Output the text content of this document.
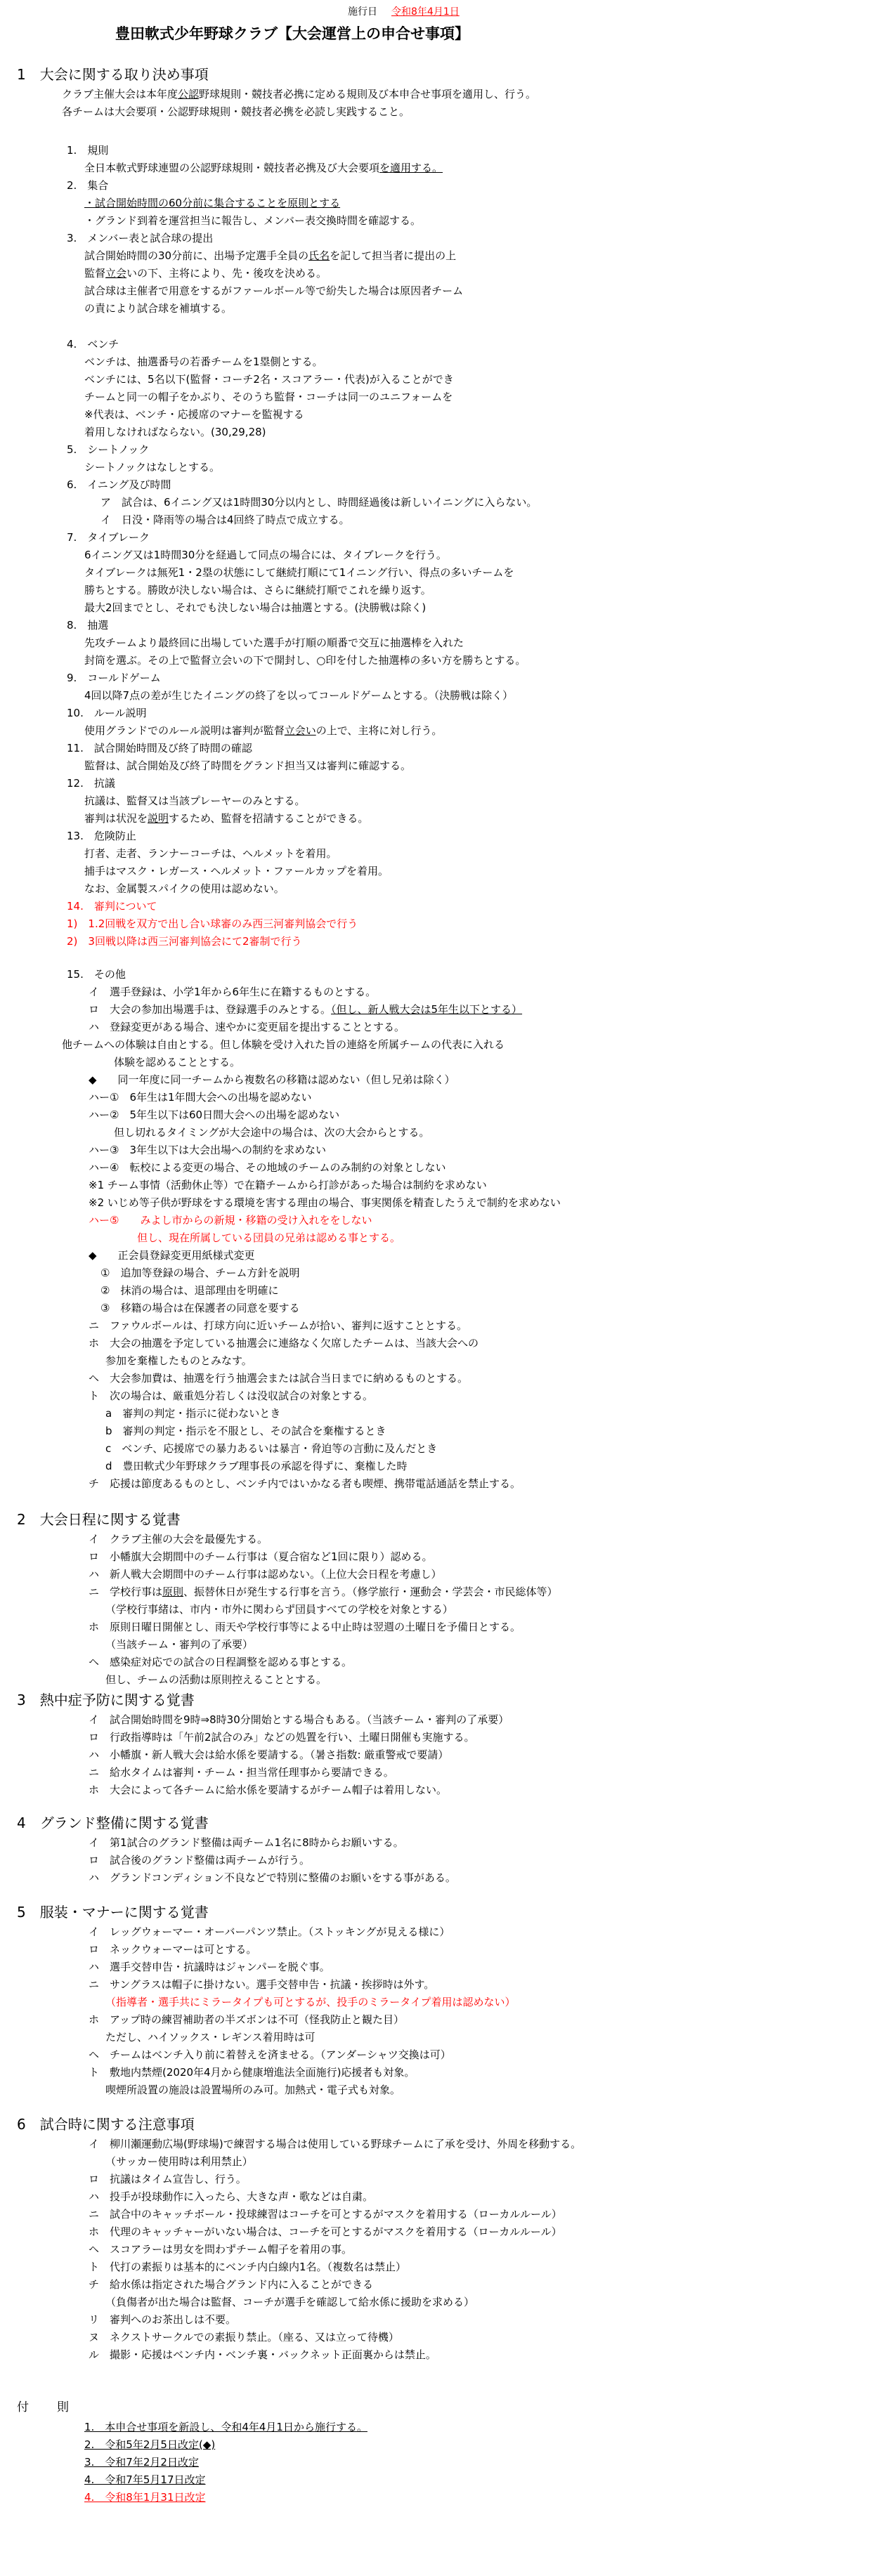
施行日 令和8年4月1日
豊田軟式少年野球クラブ【大会運営上の申合せ事項】
1　大会に関する取り決め事項
クラブ主催大会は本年度公認野球規則・競技者必携に定める規則及び本申合せ事項を適用し、行う。
各チームは大会要項・公認野球規則・競技者必携を必読し実践すること。
1.　規則
全日本軟式野球連盟の公認野球規則・競技者必携及び大会要項を適用する。
2.　集合
・試合開始時間の60分前に集合することを原則とする
・グランド到着を運営担当に報告し、メンバー表交換時間を確認する。
3.　メンバー表と試合球の提出
試合開始時間の30分前に、出場予定選手全員の氏名を記して担当者に提出の上
監督立会いの下、主将により、先・後攻を決める。
試合球は主催者で用意をするがファールボール等で紛失した場合は原因者チーム
の責により試合球を補填する。
4.　ベンチ
ベンチは、抽選番号の若番チームを1塁側とする。
ベンチには、5名以下(監督・コーチ2名・スコアラー・代表)が入ることができ
チームと同一の帽子をかぶり、そのうち監督・コーチは同一のユニフォームを
※代表は、ベンチ・応援席のマナーを監視する
着用しなければならない。(30,29,28)
5.　シートノック
シートノックはなしとする。
6.　イニング及び時間
ア　試合は、6イニング又は1時間30分以内とし、時間経過後は新しいイニングに入らない。
イ　日没・降雨等の場合は4回終了時点で成立する。
7.　タイブレーク
6イニング又は1時間30分を経過して同点の場合には、タイブレークを行う。
タイブレークは無死1・2塁の状態にして継続打順にて1イニング行い、得点の多いチームを
勝ちとする。勝敗が決しない場合は、さらに継続打順でこれを繰り返す。
最大2回までとし、それでも決しない場合は抽選とする。(決勝戦は除く)
8.　抽選
先攻チームより最終回に出場していた選手が打順の順番で交互に抽選棒を入れた
封筒を選ぶ。その上で監督立会いの下で開封し、○印を付した抽選棒の多い方を勝ちとする。
9.　コールドゲーム
4回以降7点の差が生じたイニングの終了を以ってコールドゲームとする。（決勝戦は除く）
10.　ルール説明
使用グランドでのルール説明は審判が監督立会いの上で、主将に対し行う。
11.　試合開始時間及び終了時間の確認
監督は、試合開始及び終了時間をグランド担当又は審判に確認する。
12.　抗議
抗議は、監督又は当該プレーヤーのみとする。
審判は状況を説明するため、監督を招請することができる。
13.　危険防止
打者、走者、ランナーコーチは、ヘルメットを着用。
捕手はマスク・レガース・ヘルメット・ファールカップを着用。
なお、金属製スパイクの使用は認めない。
14.　審判について
1)　1.2回戦を双方で出し合い球審のみ西三河審判協会で行う
2)　3回戦以降は西三河審判協会にて2審制で行う
15.　その他
イ　選手登録は、小学1年から6年生に在籍するものとする。
ロ　大会の参加出場選手は、登録選手のみとする。（但し、新人戦大会は5年生以下とする）
ハ　登録変更がある場合、速やかに変更届を提出することとする。
他チームへの体験は自由とする。但し体験を受け入れた旨の連絡を所属チームの代表に入れる
体験を認めることとする。
◆　　同一年度に同一チームから複数名の移籍は認めない（但し兄弟は除く）
ハー①　6年生は1年間大会への出場を認めない
ハー②　5年生以下は60日間大会への出場を認めない
但し切れるタイミングが大会途中の場合は、次の大会からとする。
ハー③　3年生以下は大会出場への制約を求めない
ハー④　転校による変更の場合、その地域のチームのみ制約の対象としない
※1 チーム事情（活動休止等）で在籍チームから打診があった場合は制約を求めない
※2 いじめ等子供が野球をする環境を害する理由の場合、事実関係を精査したうえで制約を求めない
ハー⑤　　みよし市からの新規・移籍の受け入れををしない
但し、現在所属している団員の兄弟は認める事とする。
◆　　正会員登録変更用紙様式変更
①　追加等登録の場合、チーム方針を説明
②　抹消の場合は、退部理由を明確に
③　移籍の場合は在保護者の同意を要する
ニ　ファウルボールは、打球方向に近いチームが拾い、審判に返すこととする。
ホ　大会の抽選を予定している抽選会に連絡なく欠席したチームは、当該大会への
参加を棄権したものとみなす。
ヘ　大会参加費は、抽選を行う抽選会または試合当日までに納めるものとする。
ト　次の場合は、厳重処分若しくは没収試合の対象とする。
a　審判の判定・指示に従わないとき
b　審判の判定・指示を不服とし、その試合を棄権するとき
c　ベンチ、応援席での暴力あるいは暴言・脅迫等の言動に及んだとき
d　豊田軟式少年野球クラブ理事長の承認を得ずに、棄権した時
チ　応援は節度あるものとし、ベンチ内ではいかなる者も喫煙、携帯電話通話を禁止する。
2　大会日程に関する覚書
イ　クラブ主催の大会を最優先する。
ロ　小幡旗大会期間中のチーム行事は（夏合宿など1回に限り）認める。
ハ　新人戦大会期間中のチーム行事は認めない。（上位大会日程を考慮し）
ニ　学校行事は原則、振替休日が発生する行事を言う。（修学旅行・運動会・学芸会・市民総体等）
（学校行事緒は、市内・市外に関わらず団員すべての学校を対象とする）
ホ　原則日曜日開催とし、雨天や学校行事等による中止時は翌週の土曜日を予備日とする。
（当該チーム・審判の了承要）
ヘ　感染症対応での試合の日程調整を認める事とする。
但し、チームの活動は原則控えることとする。
3　熱中症予防に関する覚書
イ　試合開始時間を9時⇒8時30分開始とする場合もある。（当該チーム・審判の了承要）
ロ　行政指導時は「午前2試合のみ」などの処置を行い、土曜日開催も実施する。
ハ　小幡旗・新人戦大会は給水係を要請する。（暑さ指数: 厳重警戒で要請）
ニ　給水タイムは審判・チーム・担当常任理事から要請できる。
ホ　大会によって各チームに給水係を要請するがチーム帽子は着用しない。
4　グランド整備に関する覚書
イ　第1試合のグランド整備は両チーム1名に8時からお願いする。
ロ　試合後のグランド整備は両チームが行う。
ハ　グランドコンディション不良などで特別に整備のお願いをする事がある。
5　服装・マナーに関する覚書
イ　レッグウォーマー・オーバーパンツ禁止。（ストッキングが見える様に）
ロ　ネックウォーマーは可とする。
ハ　選手交替申告・抗議時はジャンパーを脱ぐ事。
ニ　サングラスは帽子に掛けない。選手交替申告・抗議・挨拶時は外す。
（指導者・選手共にミラータイプも可とするが、投手のミラータイプ着用は認めない）
ホ　アップ時の練習補助者の半ズボンは不可（怪我防止と観た目）
ただし、ハイソックス・レギンス着用時は可
ヘ　チームはベンチ入り前に着替えを済ませる。（アンダーシャツ交換は可）
ト　敷地内禁煙(2020年4月から健康増進法全面施行)応援者も対象。
喫煙所設置の施設は設置場所のみ可。加熱式・電子式も対象。
6　試合時に関する注意事項
イ　柳川瀬運動広場(野球場)で練習する場合は使用している野球チームに了承を受け、外周を移動する。
（サッカー使用時は利用禁止）
ロ　抗議はタイム宣告し、行う。
ハ　投手が投球動作に入ったら、大きな声・歌などは自粛。
ニ　試合中のキャッチボール・投球練習はコーチを可とするがマスクを着用する（ローカルルール）
ホ　代理のキャッチャーがいない場合は、コーチを可とするがマスクを着用する（ローカルルール）
ヘ　スコアラーは男女を問わずチーム帽子を着用の事。
ト　代打の素振りは基本的にベンチ内白線内1名。（複数名は禁止）
チ　給水係は指定された場合グランド内に入ることができる
（負傷者が出た場合は監督、コーチが選手を確認して給水係に援助を求める）
リ　審判へのお茶出しは不要。
ヌ　ネクストサークルでの素振り禁止。（座る、又は立って待機）
ル　撮影・応援はベンチ内・ベンチ裏・バックネット正面裏からは禁止。
付　　則
1.　本申合せ事項を新設し、令和4年4月1日から施行する。
2.　令和5年2月5日改定(◆)
3.　令和7年2月2日改定
4.　令和7年5月17日改定
4.　令和8年1月31日改定
